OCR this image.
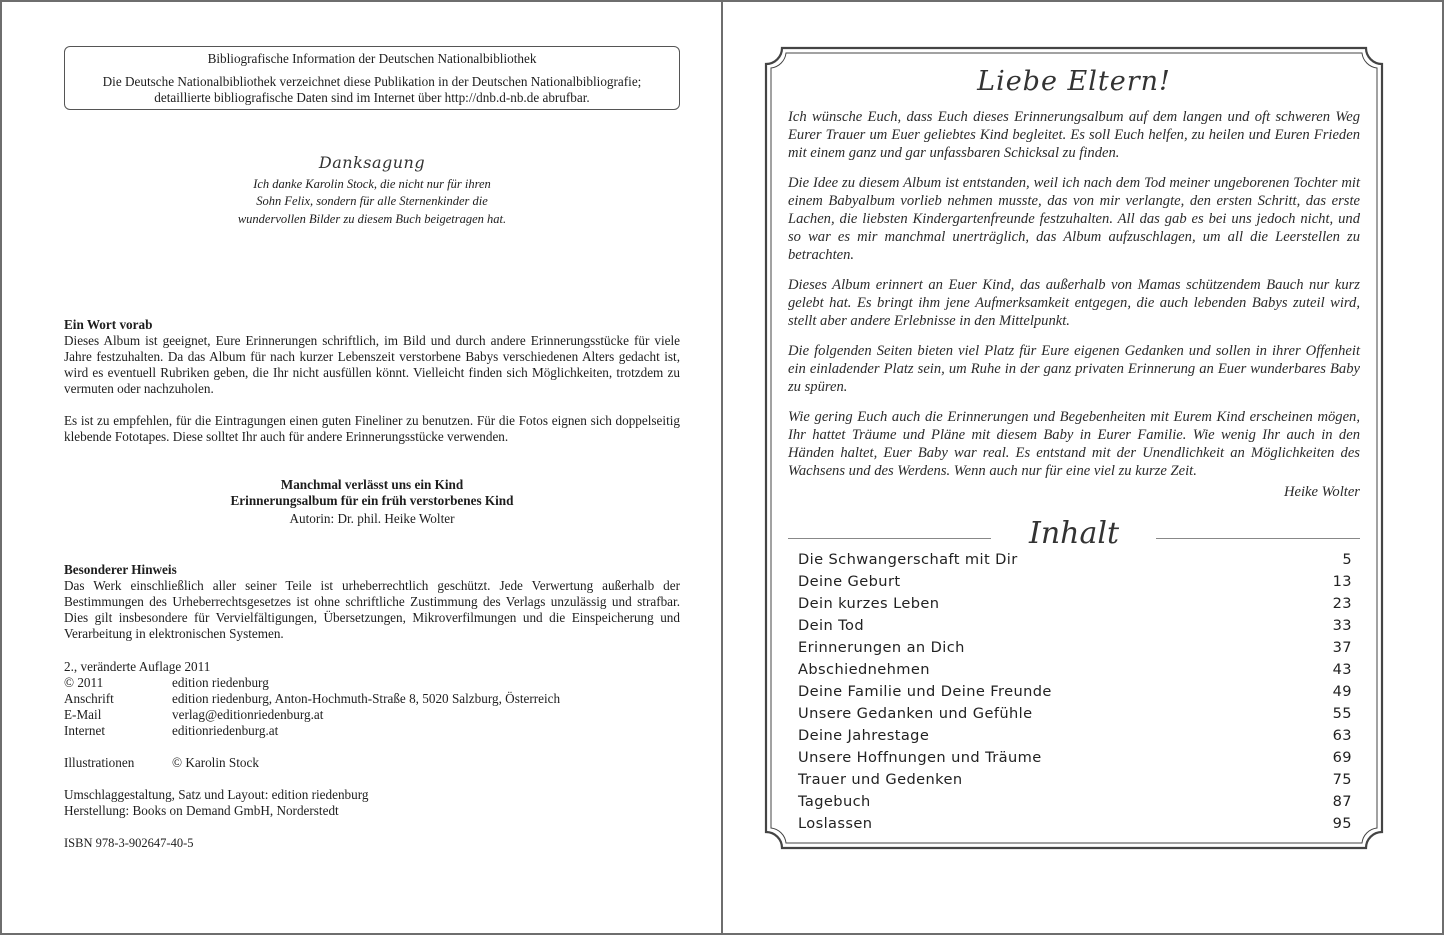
Bibliografische Information der Deutschen Nationalbibliothek
Die Deutsche Nationalbibliothek verzeichnet diese Publikation in der Deutschen Nationalbibliografie;
detaillierte bibliografische Daten sind im Internet über http://dnb.d-nb.de abrufbar.
Danksagung
Ich danke Karolin Stock, die nicht nur für ihren
Sohn Felix, sondern für alle Sternenkinder die
wundervollen Bilder zu diesem Buch beigetragen hat.
Ein Wort vorab
Dieses Album ist geeignet, Eure Erinnerungen schriftlich, im Bild und durch andere Erinnerungsstücke für viele Jahre festzuhalten. Da das Album für nach kurzer Lebenszeit verstorbene Babys verschiedenen Alters gedacht ist, wird es eventuell Rubriken geben, die Ihr nicht ausfüllen könnt. Vielleicht finden sich Möglichkeiten, trotzdem zu vermuten oder nachzuholen.
Es ist zu empfehlen, für die Eintragungen einen guten Fineliner zu benutzen. Für die Fotos eignen sich doppelseitig klebende Fototapes. Diese solltet Ihr auch für andere Erinnerungsstücke verwenden.
Manchmal verlässt uns ein Kind
Erinnerungsalbum für ein früh verstorbenes Kind
Autorin: Dr. phil. Heike Wolter
Besonderer Hinweis
Das Werk einschließlich aller seiner Teile ist urheberrechtlich geschützt. Jede Verwertung außerhalb der Bestimmungen des Urheberrechtsgesetzes ist ohne schriftliche Zustimmung des Verlags unzulässig und strafbar. Dies gilt insbesondere für Vervielfältigungen, Übersetzungen, Mikroverfilmungen und die Einspeicherung und Verarbeitung in elektronischen Systemen.
2., veränderte Auflage 2011
© 2011	edition riedenburg
Anschrift	edition riedenburg, Anton-Hochmuth-Straße 8, 5020 Salzburg, Österreich
E-Mail	verlag@editionriedenburg.at
Internet	editionriedenburg.at
Illustrationen	© Karolin Stock
Umschlaggestaltung, Satz und Layout: edition riedenburg
Herstellung: Books on Demand GmbH, Norderstedt
ISBN 978-3-902647-40-5
Liebe Eltern!

Ich wünsche Euch, dass Euch dieses Erinnerungsalbum auf dem langen und oft schweren Weg Eurer Trauer um Euer geliebtes Kind begleitet. Es soll Euch helfen, zu heilen und Euren Frieden mit einem ganz und gar unfassbaren Schicksal zu finden.

Die Idee zu diesem Album ist entstanden, weil ich nach dem Tod meiner ungeborenen Tochter mit einem Babyalbum vorlieb nehmen musste, das von mir verlangte, den ersten Schritt, das erste Lachen, die liebsten Kindergartenfreunde festzuhalten. All das gab es bei uns jedoch nicht, und so war es mir manchmal unerträglich, das Album aufzuschlagen, um all die Leerstellen zu betrachten.

Dieses Album erinnert an Euer Kind, das außerhalb von Mamas schützendem Bauch nur kurz gelebt hat. Es bringt ihm jene Aufmerksamkeit entgegen, die auch lebenden Babys zuteil wird, stellt aber andere Erlebnisse in den Mittelpunkt.

Die folgenden Seiten bieten viel Platz für Eure eigenen Gedanken und sollen in ihrer Offenheit ein einladender Platz sein, um Ruhe in der ganz privaten Erinnerung an Euer wunderbares Baby zu spüren.

Wie gering Euch auch die Erinnerungen und Begebenheiten mit Eurem Kind erscheinen mögen, Ihr hattet Träume und Pläne mit diesem Baby in Eurer Familie. Wie wenig Ihr auch in den Händen haltet, Euer Baby war real. Es entstand mit der Unendlichkeit an Möglichkeiten des Wachsens und des Werdens. Wenn auch nur für eine viel zu kurze Zeit.

Heike Wolter
Inhalt
Die Schwangerschaft mit Dir	5
Deine Geburt	13
Dein kurzes Leben	23
Dein Tod	33
Erinnerungen an Dich	37
Abschiednehmen	43
Deine Familie und Deine Freunde	49
Unsere Gedanken und Gefühle	55
Deine Jahrestage	63
Unsere Hoffnungen und Träume	69
Trauer und Gedenken	75
Tagebuch	87
Loslassen	95
